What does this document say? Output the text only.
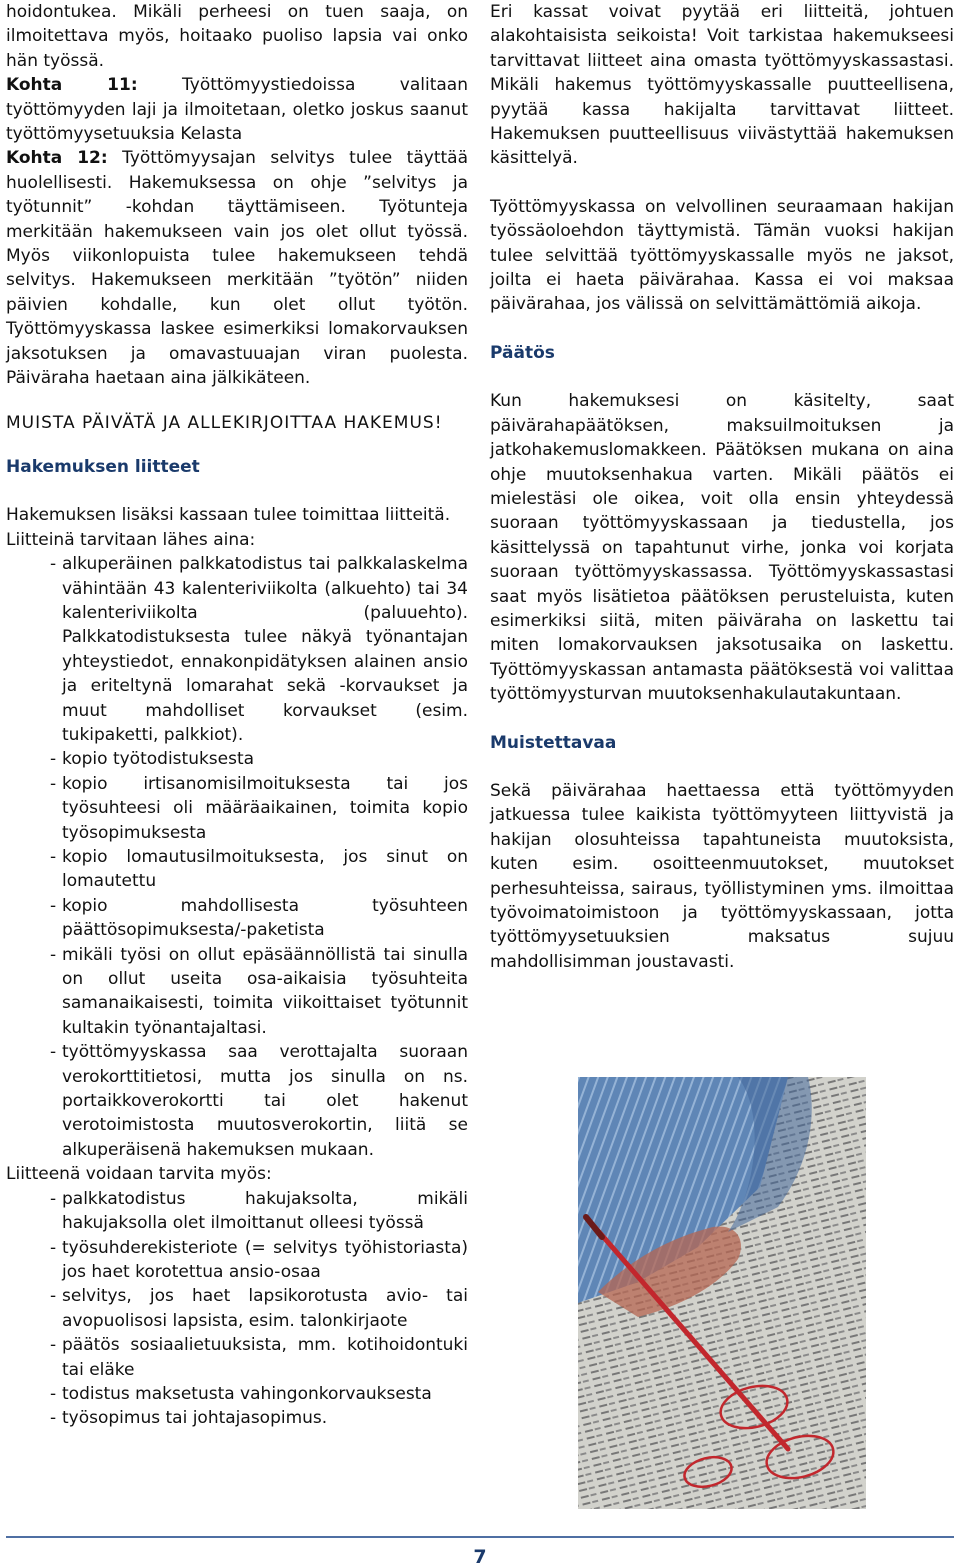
hoidontukea. Mikäli perheesi on tuen saaja, on ilmoitettava myös, hoitaako puoliso lapsia vai onko hän työssä.

Kohta 11: Työttömyystiedoissa valitaan työttömyyden laji ja ilmoitetaan, oletko joskus saanut työttömyysetuuksia Kelasta

Kohta 12: Työttömyysajan selvitys tulee täyttää huolellisesti. Hakemuksessa on ohje ”selvitys ja työtunnit” -kohdan täyttämiseen. Työtunteja merkitään hakemukseen vain jos olet ollut työssä. Myös viikonlopuista tulee hakemukseen tehdä selvitys. Hakemukseen merkitään ”työtön” niiden päivien kohdalle, kun olet ollut työtön. Työttömyyskassa laskee esimerkiksi lomakorvauksen jaksotuksen ja omavastuuajan viran puolesta. Päiväraha haetaan aina jälkikäteen.

MUISTA PÄIVÄTÄ JA ALLEKIRJOITTAA HAKEMUS!

Hakemuksen liitteet

Hakemuksen lisäksi kassaan tulee toimittaa liitteitä.

Liitteinä tarvitaan lähes aina:

- alkuperäinen palkkatodistus tai palkkalaskelma vähintään 43 kalenteriviikolta (alkuehto) tai 34 kalenteriviikolta (paluuehto). Palkkatodistuksesta tulee näkyä työnantajan yhteystiedot, ennakonpidätyksen alainen ansio ja eriteltynä lomarahat sekä -korvaukset ja muut mahdolliset korvaukset (esim. tukipaketti, palkkiot).
- kopio työtodistuksesta
- kopio irtisanomisilmoituksesta tai jos työsuhteesi oli määräaikainen, toimita kopio työsopimuksesta
- kopio lomautusilmoituksesta, jos sinut on lomautettu
- kopio mahdollisesta työsuhteen päättösopimuksesta/-paketista
- mikäli työsi on ollut epäsäännöllistä tai sinulla on ollut useita osa-aikaisia työsuhteita samanaikaisesti, toimita viikoittaiset työtunnit kultakin työnantajaltasi.
- työttömyyskassa saa verottajalta suoraan verokorttitietosi, mutta jos sinulla on ns. portaikkoverokortti tai olet hakenut verotoimistosta muutosverokortin, liitä se alkuperäisenä hakemuksen mukaan.

Liitteenä voidaan tarvita myös:

- palkkatodistus hakujaksolta, mikäli hakujaksolla olet ilmoittanut olleesi työssä
- työsuhderekisteriote (= selvitys työhistoriasta) jos haet korotettua ansio-osaa
- selvitys, jos haet lapsikorotusta avio- tai avopuolisosi lapsista, esim. talonkirjaote
- päätös sosiaalietuuksista, mm. kotihoidontuki tai eläke
- todistus maksetusta vahingonkorvauksesta
- työsopimus tai johtajasopimus.

Eri kassat voivat pyytää eri liitteitä, johtuen alakohtaisista seikoista! Voit tarkistaa hakemukseesi tarvittavat liitteet aina omasta työttömyyskassastasi. Mikäli hakemus työttömyyskassalle puutteellisena, pyytää kassa hakijalta tarvittavat liitteet. Hakemuksen puutteellisuus viivästyttää hakemuksen käsittelyä.

Työttömyyskassa on velvollinen seuraamaan hakijan työssäoloehdon täyttymistä. Tämän vuoksi hakijan tulee selvittää työttömyyskassalle myös ne jaksot, joilta ei haeta päivärahaa. Kassa ei voi maksaa päivärahaa, jos välissä on selvittämättömiä aikoja.

Päätös

Kun hakemuksesi on käsitelty, saat päivärahapäätöksen, maksuilmoituksen ja jatkohakemuslomakkeen. Päätöksen mukana on aina ohje muutoksenhakua varten. Mikäli päätös ei mielestäsi ole oikea, voit olla ensin yhteydessä suoraan työttömyyskassaan ja tiedustella, jos käsittelyssä on tapahtunut virhe, jonka voi korjata suoraan työttömyyskassassa. Työttömyyskassastasi saat myös lisätietoa päätöksen perusteluista, kuten esimerkiksi siitä, miten päiväraha on laskettu tai miten lomakorvauksen jaksotusaika on laskettu. Työttömyyskassan antamasta päätöksestä voi valittaa työttömyysturvan muutoksenhakulautakuntaan.

Muistettavaa

Sekä päivärahaa haettaessa että työttömyyden jatkuessa tulee kaikista työttömyyteen liittyvistä ja hakijan olosuhteissa tapahtuneista muutoksista, kuten esim. osoitteenmuutokset, muutokset perhesuhteissa, sairaus, työllistyminen yms. ilmoittaa työvoimatoimistoon ja työttömyyskassaan, jotta työttömyysetuuksien maksatus sujuu mahdollisimman joustavasti.

7
